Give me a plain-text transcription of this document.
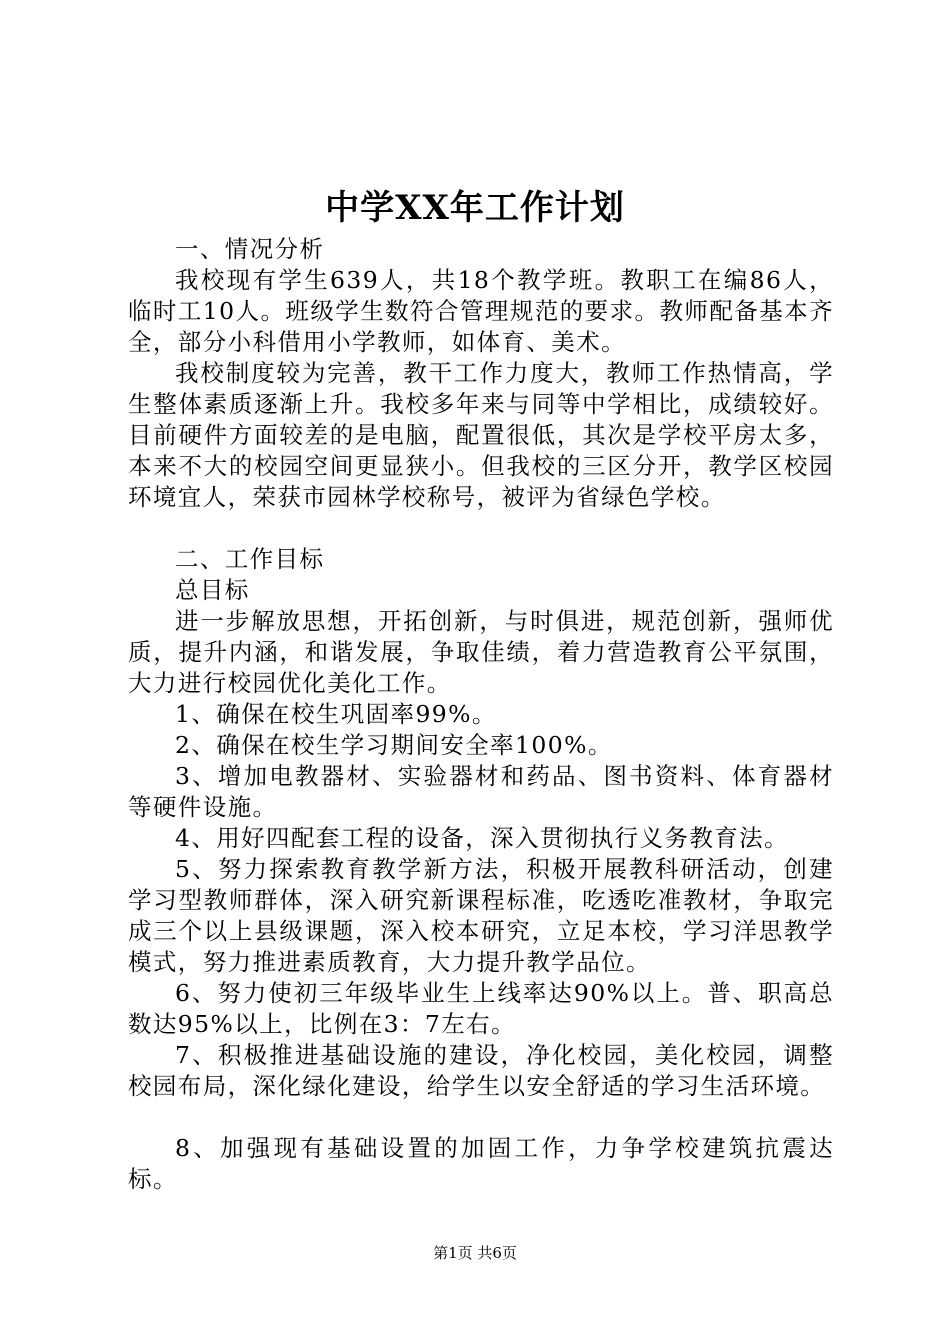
中学XX年工作计划

一、情况分析

我校现有学生639人，共18个教学班。教职工在编86人，临时工10人。班级学生数符合管理规范的要求。教师配备基本齐全，部分小科借用小学教师，如体育、美术。

我校制度较为完善，教干工作力度大，教师工作热情高，学生整体素质逐渐上升。我校多年来与同等中学相比，成绩较好。目前硬件方面较差的是电脑，配置很低，其次是学校平房太多，本来不大的校园空间更显狭小。但我校的三区分开，教学区校园环境宜人，荣获市园林学校称号，被评为省绿色学校。

二、工作目标

总目标

进一步解放思想，开拓创新，与时俱进，规范创新，强师优质，提升内涵，和谐发展，争取佳绩，着力营造教育公平氛围，大力进行校园优化美化工作。

1、确保在校生巩固率99%。

2、确保在校生学习期间安全率100%。

3、增加电教器材、实验器材和药品、图书资料、体育器材等硬件设施。

4、用好四配套工程的设备，深入贯彻执行义务教育法。

5、努力探索教育教学新方法，积极开展教科研活动，创建学习型教师群体，深入研究新课程标准，吃透吃准教材，争取完成三个以上县级课题，深入校本研究，立足本校，学习洋思教学模式，努力推进素质教育，大力提升教学品位。

6、努力使初三年级毕业生上线率达90%以上。普、职高总数达95%以上，比例在3：7左右。

7、积极推进基础设施的建设，净化校园，美化校园，调整校园布局，深化绿化建设，给学生以安全舒适的学习生活环境。

8、加强现有基础设置的加固工作，力争学校建筑抗震达标。

第1页 共6页
